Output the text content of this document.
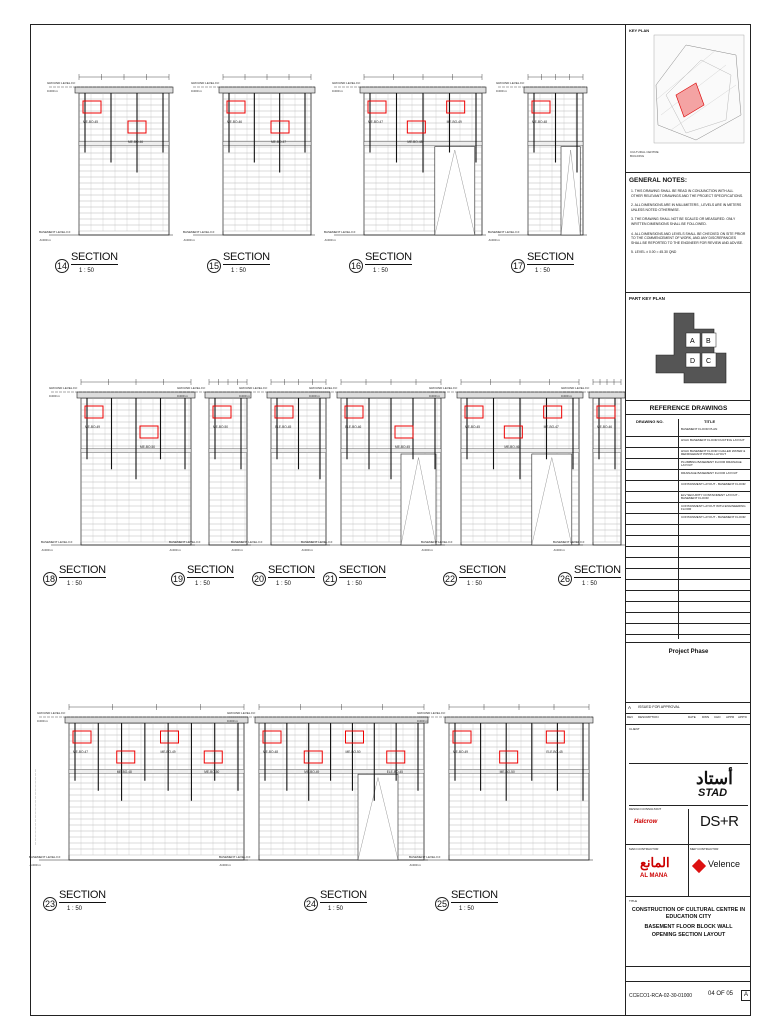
ME-BO-45
ME-BO-46
GROUND LEVEL F.F
0.000 m
BASEMENT LEVEL F.F
-6.000 m
ME-BO-46
ME-BO-47
GROUND LEVEL F.F
0.000 m
BASEMENT LEVEL F.F
-6.000 m
ME-BO-47
ME-BO-48
ME-BO-49
GROUND LEVEL F.F
0.000 m
BASEMENT LEVEL F.F
-6.000 m
ME-BO-48
GROUND LEVEL F.F
0.000 m
BASEMENT LEVEL F.F
-6.000 m
ME-BO-49
ME-BO-50
GROUND LEVEL F.F
0.000 m
BASEMENT LEVEL F.F
-6.000 m
ME-BO-50
GROUND LEVEL F.F
0.000 m
BASEMENT LEVEL F.F
-6.000 m
ELE-BO-45
GROUND LEVEL F.F
0.000 m
BASEMENT LEVEL F.F
-6.000 m
ELE-BO-46
ME-BO-45
GROUND LEVEL F.F
0.000 m
BASEMENT LEVEL F.F
-6.000 m
ME-BO-45
ME-BO-46
ME-BO-47
GROUND LEVEL F.F
0.000 m
BASEMENT LEVEL F.F
-6.000 m
ME-BO-46
GROUND LEVEL F.F
0.000 m
BASEMENT LEVEL F.F
-6.000 m
ME-BO-47
ME-BO-48
ME-BO-49
ME-BO-50
GROUND LEVEL F.F
0.000 m
BASEMENT LEVEL F.F
-6.000 m
ME-BO-48
ME-BO-49
ME-BO-50
ELE-BO-45
GROUND LEVEL F.F
0.000 m
BASEMENT LEVEL F.F
-6.000 m
ME-BO-49
ME-BO-50
ELE-BO-45
GROUND LEVEL F.F
0.000 m
BASEMENT LEVEL F.F
-6.000 m
14
SECTION
1 : 50	15
SECTION
1 : 50	16
SECTION
1 : 50	17
SECTION
1 : 50
18
SECTION
1 : 50	19
SECTION
1 : 50	20
SECTION
1 : 50	21
SECTION
1 : 50	22
SECTION
1 : 50	26
SECTION
1 : 50
23
SECTION
1 : 50	24
SECTION
1 : 50	25
SECTION
1 : 50
— — — — — — — — — — — — — — — — — — — —
KEY PLAN
CULTURAL CENTRE
BUILDING
GENERAL NOTES:
1. THIS DRAWING SHALL BE READ IN CONJUNCTION WITH ALL OTHER RELEVANT DRAWINGS AND THE PROJECT SPECIFICATIONS.
2. ALL DIMENSIONS ARE IN MILLIMETERS , LEVELS ARE IN METERS UNLESS NOTED OTHERWISE.
3. THE DRAWING SHALL NOT BE SCALED OR MEASURED. ONLY WRITTEN DIMENSIONS SHALL BE FOLLOWED.
4. ALL DIMENSIONS AND LEVELS SHALL BE CHECKED ON SITE PRIOR TO THE COMMENCEMENT OF WORK, AND ANY DISCREPANCIES SHALL BE REPORTED TO THE ENGINEER FOR REVIEW AND ADVISE.
5. LEVEL ± 0.00 = 45.30 QND
PART KEY PLAN
A B
C
D
REFERENCE DRAWINGS
DRAWING NO.	TITLE
BASEMENT FLOOR PLAN
HVAC BASEMENT FLOOR DUCTING LAYOUT
HVAC BASEMENT FLOOR CHILLED WATER & REFRIGERANT PIPING LAYOUT
PLUMBING BASEMENT FLOOR DRAINAGE LAYOUT
DRAINAGE BASEMENT FLOOR LAYOUT
CONTAINMENT LAYOUT - BASEMENT FLOOR
ELV SECURITY CONTAINMENT LAYOUT - BASEMENT FLOOR
CONTAINMENT LAYOUT WITH ENGINEERING FLOOR
CONTAINMENT LAYOUT - BASEMENT FLOOR
Project Phase
A ISSUED FOR APPROVAL
REV DESCRIPTION	DATE DWN CHD APPR APP'D
CLIENT
أستاد
STAD
DESIGN CONSULTANT
Halcrow	DS+R
MAIN CONTRACTOR
المانع
AL MANA
MEP CONTRACTOR
Velence
TITLE
CONSTRUCTION OF CULTURAL CENTRE IN EDUCATION CITY
BASEMENT FLOOR BLOCK WALL OPENING SECTION LAYOUT
CCECO1-RCA-02-30-01000	04 OF 05	A
